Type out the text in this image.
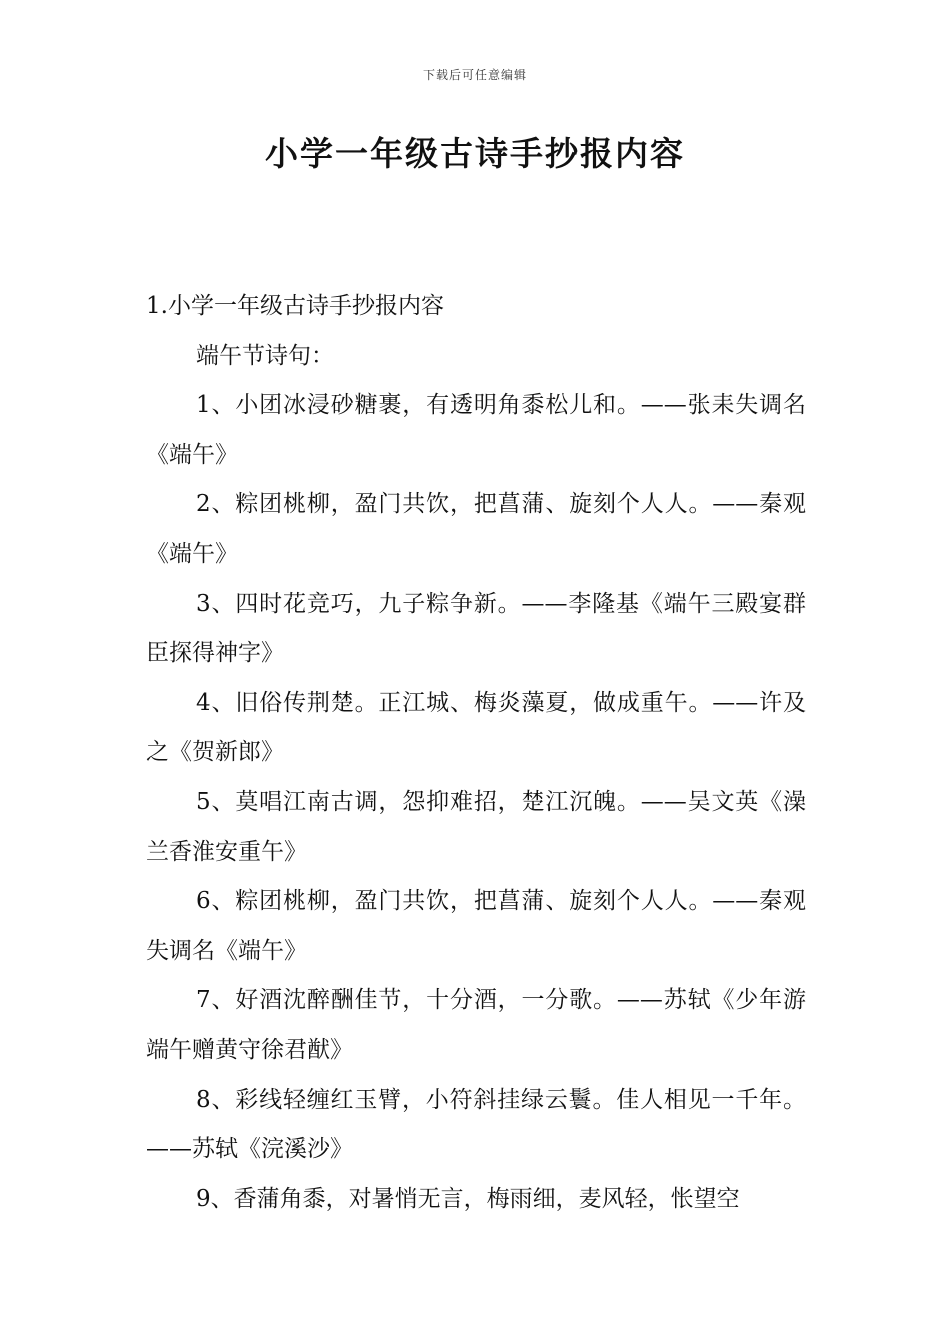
下载后可任意编辑
小学一年级古诗手抄报内容

1.小学一年级古诗手抄报内容

端午节诗句：

1、小团冰浸砂糖裹，有透明角黍松儿和。——张耒失调名《端午》

2、粽团桃柳，盈门共饮，把菖蒲、旋刻个人人。——秦观《端午》

3、四时花竞巧，九子粽争新。——李隆基《端午三殿宴群臣探得神字》

4、旧俗传荆楚。正江城、梅炎藻夏，做成重午。——许及之《贺新郎》

5、莫唱江南古调，怨抑难招，楚江沉魄。——吴文英《澡兰香淮安重午》

6、粽团桃柳，盈门共饮，把菖蒲、旋刻个人人。——秦观失调名《端午》

7、好酒沈醉酬佳节，十分酒，一分歌。——苏轼《少年游端午赠黄守徐君猷》

8、彩线轻缠红玉臂，小符斜挂绿云鬟。佳人相见一千年。——苏轼《浣溪沙》

9、香蒲角黍，对暑悄无言，梅雨细，麦风轻，怅望空
